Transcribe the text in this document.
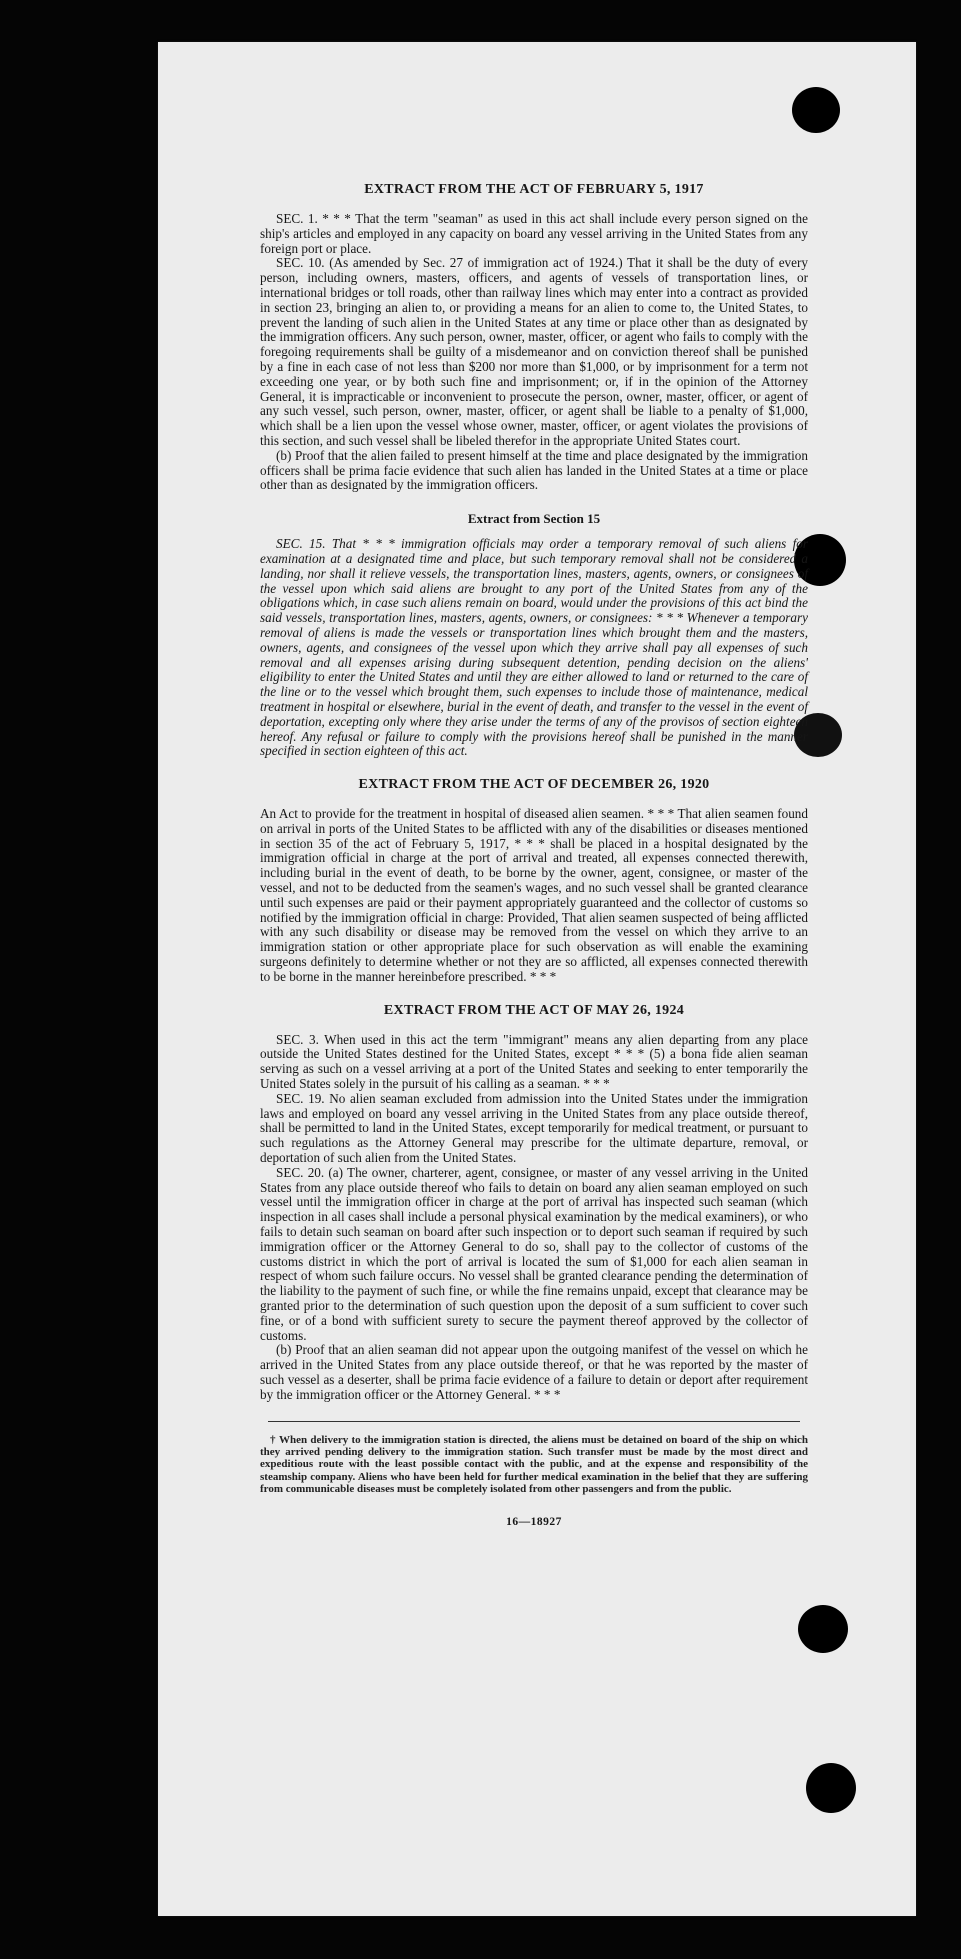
EXTRACT FROM THE ACT OF FEBRUARY 5, 1917

SEC. 1. * * * That the term "seaman" as used in this act shall include every person signed on the ship's articles and employed in any capacity on board any vessel arriving in the United States from any foreign port or place.

SEC. 10. (As amended by Sec. 27 of immigration act of 1924.) That it shall be the duty of every person, including owners, masters, officers, and agents of vessels of transportation lines, or international bridges or toll roads, other than railway lines which may enter into a contract as provided in section 23, bringing an alien to, or providing a means for an alien to come to, the United States, to prevent the landing of such alien in the United States at any time or place other than as designated by the immigration officers. Any such person, owner, master, officer, or agent who fails to comply with the foregoing requirements shall be guilty of a misdemeanor and on conviction thereof shall be punished by a fine in each case of not less than $200 nor more than $1,000, or by imprisonment for a term not exceeding one year, or by both such fine and imprisonment; or, if in the opinion of the Attorney General, it is impracticable or inconvenient to prosecute the person, owner, master, officer, or agent of any such vessel, such person, owner, master, officer, or agent shall be liable to a penalty of $1,000, which shall be a lien upon the vessel whose owner, master, officer, or agent violates the provisions of this section, and such vessel shall be libeled therefor in the appropriate United States court.

(b) Proof that the alien failed to present himself at the time and place designated by the immigration officers shall be prima facie evidence that such alien has landed in the United States at a time or place other than as designated by the immigration officers.

Extract from Section 15

SEC. 15. That * * * immigration officials may order a temporary removal of such aliens for examination at a designated time and place, but such temporary removal shall not be considered a landing, nor shall it relieve vessels, the transportation lines, masters, agents, owners, or consignees of the vessel upon which said aliens are brought to any port of the United States from any of the obligations which, in case such aliens remain on board, would under the provisions of this act bind the said vessels, transportation lines, masters, agents, owners, or consignees: * * * Whenever a temporary removal of aliens is made the vessels or transportation lines which brought them and the masters, owners, agents, and consignees of the vessel upon which they arrive shall pay all expenses of such removal and all expenses arising during subsequent detention, pending decision on the aliens' eligibility to enter the United States and until they are either allowed to land or returned to the care of the line or to the vessel which brought them, such expenses to include those of maintenance, medical treatment in hospital or elsewhere, burial in the event of death, and transfer to the vessel in the event of deportation, excepting only where they arise under the terms of any of the provisos of section eighteen hereof. Any refusal or failure to comply with the provisions hereof shall be punished in the manner specified in section eighteen of this act.

EXTRACT FROM THE ACT OF DECEMBER 26, 1920

An Act to provide for the treatment in hospital of diseased alien seamen. * * * That alien seamen found on arrival in ports of the United States to be afflicted with any of the disabilities or diseases mentioned in section 35 of the act of February 5, 1917, * * * shall be placed in a hospital designated by the immigration official in charge at the port of arrival and treated, all expenses connected therewith, including burial in the event of death, to be borne by the owner, agent, consignee, or master of the vessel, and not to be deducted from the seamen's wages, and no such vessel shall be granted clearance until such expenses are paid or their payment appropriately guaranteed and the collector of customs so notified by the immigration official in charge: Provided, That alien seamen suspected of being afflicted with any such disability or disease may be removed from the vessel on which they arrive to an immigration station or other appropriate place for such observation as will enable the examining surgeons definitely to determine whether or not they are so afflicted, all expenses connected therewith to be borne in the manner hereinbefore prescribed. * * *

EXTRACT FROM THE ACT OF MAY 26, 1924

SEC. 3. When used in this act the term "immigrant" means any alien departing from any place outside the United States destined for the United States, except * * * (5) a bona fide alien seaman serving as such on a vessel arriving at a port of the United States and seeking to enter temporarily the United States solely in the pursuit of his calling as a seaman. * * *

SEC. 19. No alien seaman excluded from admission into the United States under the immigration laws and employed on board any vessel arriving in the United States from any place outside thereof, shall be permitted to land in the United States, except temporarily for medical treatment, or pursuant to such regulations as the Attorney General may prescribe for the ultimate departure, removal, or deportation of such alien from the United States.

SEC. 20. (a) The owner, charterer, agent, consignee, or master of any vessel arriving in the United States from any place outside thereof who fails to detain on board any alien seaman employed on such vessel until the immigration officer in charge at the port of arrival has inspected such seaman (which inspection in all cases shall include a personal physical examination by the medical examiners), or who fails to detain such seaman on board after such inspection or to deport such seaman if required by such immigration officer or the Attorney General to do so, shall pay to the collector of customs of the customs district in which the port of arrival is located the sum of $1,000 for each alien seaman in respect of whom such failure occurs. No vessel shall be granted clearance pending the determination of the liability to the payment of such fine, or while the fine remains unpaid, except that clearance may be granted prior to the determination of such question upon the deposit of a sum sufficient to cover such fine, or of a bond with sufficient surety to secure the payment thereof approved by the collector of customs.

(b) Proof that an alien seaman did not appear upon the outgoing manifest of the vessel on which he arrived in the United States from any place outside thereof, or that he was reported by the master of such vessel as a deserter, shall be prima facie evidence of a failure to detain or deport after requirement by the immigration officer or the Attorney General. * * *

† When delivery to the immigration station is directed, the aliens must be detained on board of the ship on which they arrived pending delivery to the immigration station. Such transfer must be made by the most direct and expeditious route with the least possible contact with the public, and at the expense and responsibility of the steamship company. Aliens who have been held for further medical examination in the belief that they are suffering from communicable diseases must be completely isolated from other passengers and from the public.

16—18927
